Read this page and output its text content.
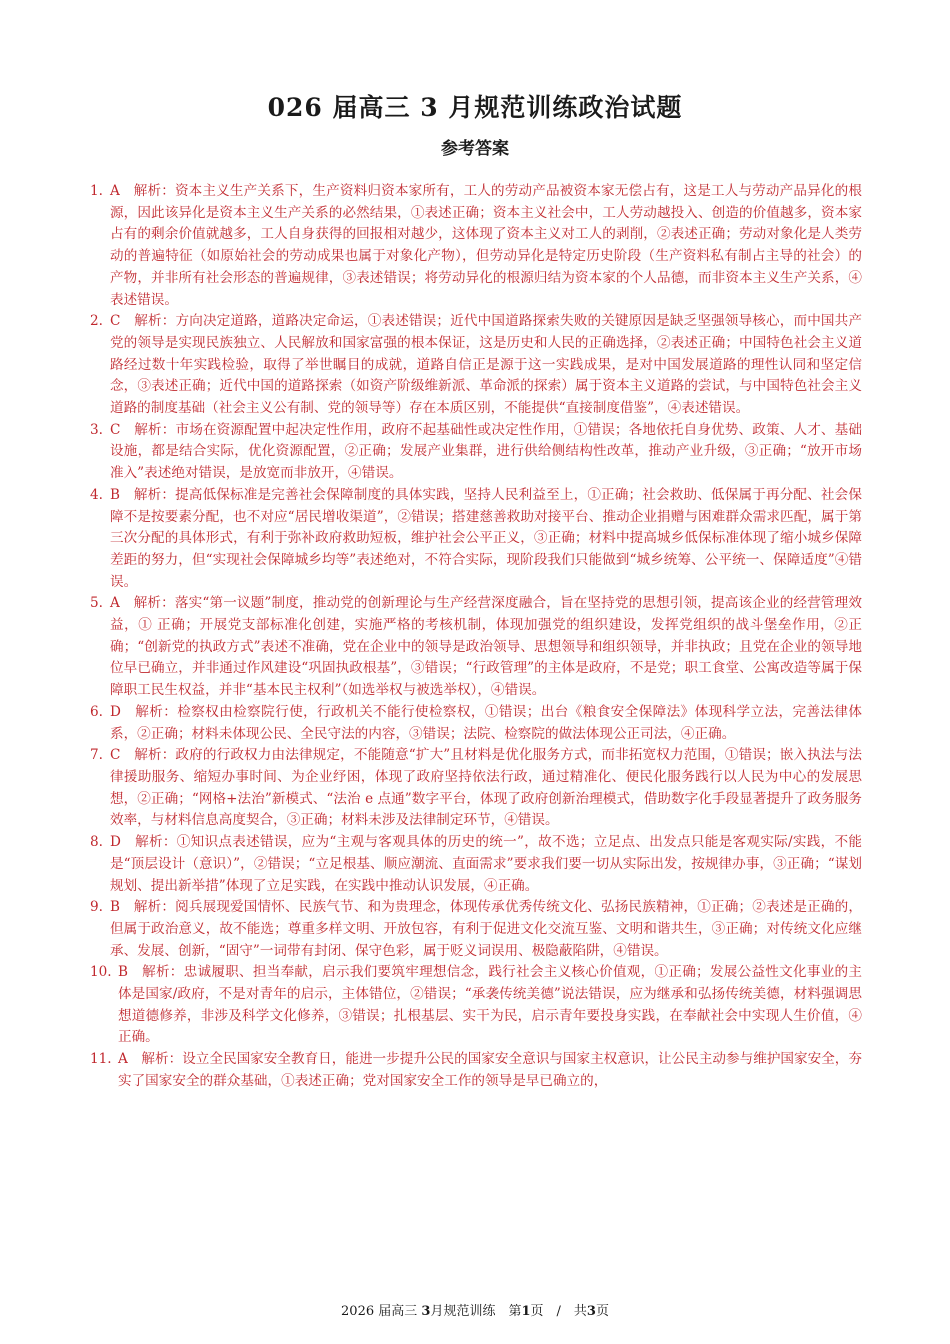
026 届高三 3 月规范训练政治试题
参考答案

1. A　解析：资本主义生产关系下，生产资料归资本家所有，工人的劳动产品被资本家无偿占有，这是工人与劳动产品异化的根源，因此该异化是资本主义生产关系的必然结果，①表述正确；资本主义社会中，工人劳动越投入、创造的价值越多，资本家占有的剩余价值就越多，工人自身获得的回报相对越少，这体现了资本主义对工人的剥削，②表述正确；劳动对象化是人类劳动的普遍特征（如原始社会的劳动成果也属于对象化产物），但劳动异化是特定历史阶段（生产资料私有制占主导的社会）的产物，并非所有社会形态的普遍规律，③表述错误；将劳动异化的根源归结为资本家的个人品德，而非资本主义生产关系，④表述错误。

2. C　解析：方向决定道路，道路决定命运，①表述错误；近代中国道路探索失败的关键原因是缺乏坚强领导核心，而中国共产党的领导是实现民族独立、人民解放和国家富强的根本保证，这是历史和人民的正确选择，②表述正确；中国特色社会主义道路经过数十年实践检验，取得了举世瞩目的成就，道路自信正是源于这一实践成果，是对中国发展道路的理性认同和坚定信念，③表述正确；近代中国的道路探索（如资产阶级维新派、革命派的探索）属于资本主义道路的尝试，与中国特色社会主义道路的制度基础（社会主义公有制、党的领导等）存在本质区别，不能提供“直接制度借鉴”，④表述错误。

3. C　解析：市场在资源配置中起决定性作用，政府不起基础性或决定性作用，①错误；各地依托自身优势、政策、人才、基础设施，都是结合实际，优化资源配置，②正确；发展产业集群，进行供给侧结构性改革，推动产业升级，③正确；“放开市场准入”表述绝对错误，是放宽而非放开，④错误。

4. B　解析：提高低保标准是完善社会保障制度的具体实践，坚持人民利益至上，①正确；社会救助、低保属于再分配、社会保障不是按要素分配，也不对应“居民增收渠道”，②错误；搭建慈善救助对接平台、推动企业捐赠与困难群众需求匹配，属于第三次分配的具体形式，有利于弥补政府救助短板，维护社会公平正义，③正确；材料中提高城乡低保标准体现了缩小城乡保障差距的努力，但“实现社会保障城乡均等”表述绝对，不符合实际，现阶段我们只能做到“城乡统筹、公平统一、保障适度”④错误。

5. A　解析：落实“第一议题”制度，推动党的创新理论与生产经营深度融合，旨在坚持党的思想引领，提高该企业的经营管理效益，① 正确；开展党支部标准化创建，实施严格的考核机制，体现加强党的组织建设，发挥党组织的战斗堡垒作用，②正确；“创新党的执政方式”表述不准确，党在企业中的领导是政治领导、思想领导和组织领导，并非执政；且党在企业的领导地位早已确立，并非通过作风建设“巩固执政根基”，③错误；“行政管理”的主体是政府，不是党；职工食堂、公寓改造等属于保障职工民生权益，并非“基本民主权利”（如选举权与被选举权），④错误。

6. D　解析：检察权由检察院行使，行政机关不能行使检察权，①错误；出台《粮食安全保障法》体现科学立法，完善法律体系，②正确；材料未体现公民、全民守法的内容，③错误；法院、检察院的做法体现公正司法，④正确。

7. C　解析：政府的行政权力由法律规定，不能随意“扩大”且材料是优化服务方式，而非拓宽权力范围，①错误；嵌入执法与法律援助服务、缩短办事时间、为企业纾困，体现了政府坚持依法行政，通过精准化、便民化服务践行以人民为中心的发展思想，②正确；“网格+法治”新模式、“法治 e 点通”数字平台，体现了政府创新治理模式，借助数字化手段显著提升了政务服务效率，与材料信息高度契合，③正确；材料未涉及法律制定环节，④错误。

8. D　解析：①知识点表述错误，应为“主观与客观具体的历史的统一”，故不选；立足点、出发点只能是客观实际/实践，不能是“顶层设计（意识）”，②错误；“立足根基、顺应潮流、直面需求”要求我们要一切从实际出发，按规律办事，③正确；“谋划规划、提出新举措”体现了立足实践，在实践中推动认识发展，④正确。

9. B　解析：阅兵展现爱国情怀、民族气节、和为贵理念，体现传承优秀传统文化、弘扬民族精神，①正确；②表述是正确的，但属于政治意义，故不能选；尊重多样文明、开放包容，有利于促进文化交流互鉴、文明和谐共生，③正确；对传统文化应继承、发展、创新，“固守”一词带有封闭、保守色彩，属于贬义词误用、极隐蔽陷阱，④错误。

10. B　解析：忠诚履职、担当奉献，启示我们要筑牢理想信念，践行社会主义核心价值观，①正确；发展公益性文化事业的主体是国家/政府，不是对青年的启示，主体错位，②错误；“承袭传统美德”说法错误，应为继承和弘扬传统美德，材料强调思想道德修养，非涉及科学文化修养，③错误；扎根基层、实干为民，启示青年要投身实践，在奉献社会中实现人生价值，④正确。

11. A　解析：设立全民国家安全教育日，能进一步提升公民的国家安全意识与国家主权意识，让公民主动参与维护国家安全，夯实了国家安全的群众基础，①表述正确；党对国家安全工作的领导是早已确立的，

2026 届高三 3月规范训练　第1页　/　共3页
